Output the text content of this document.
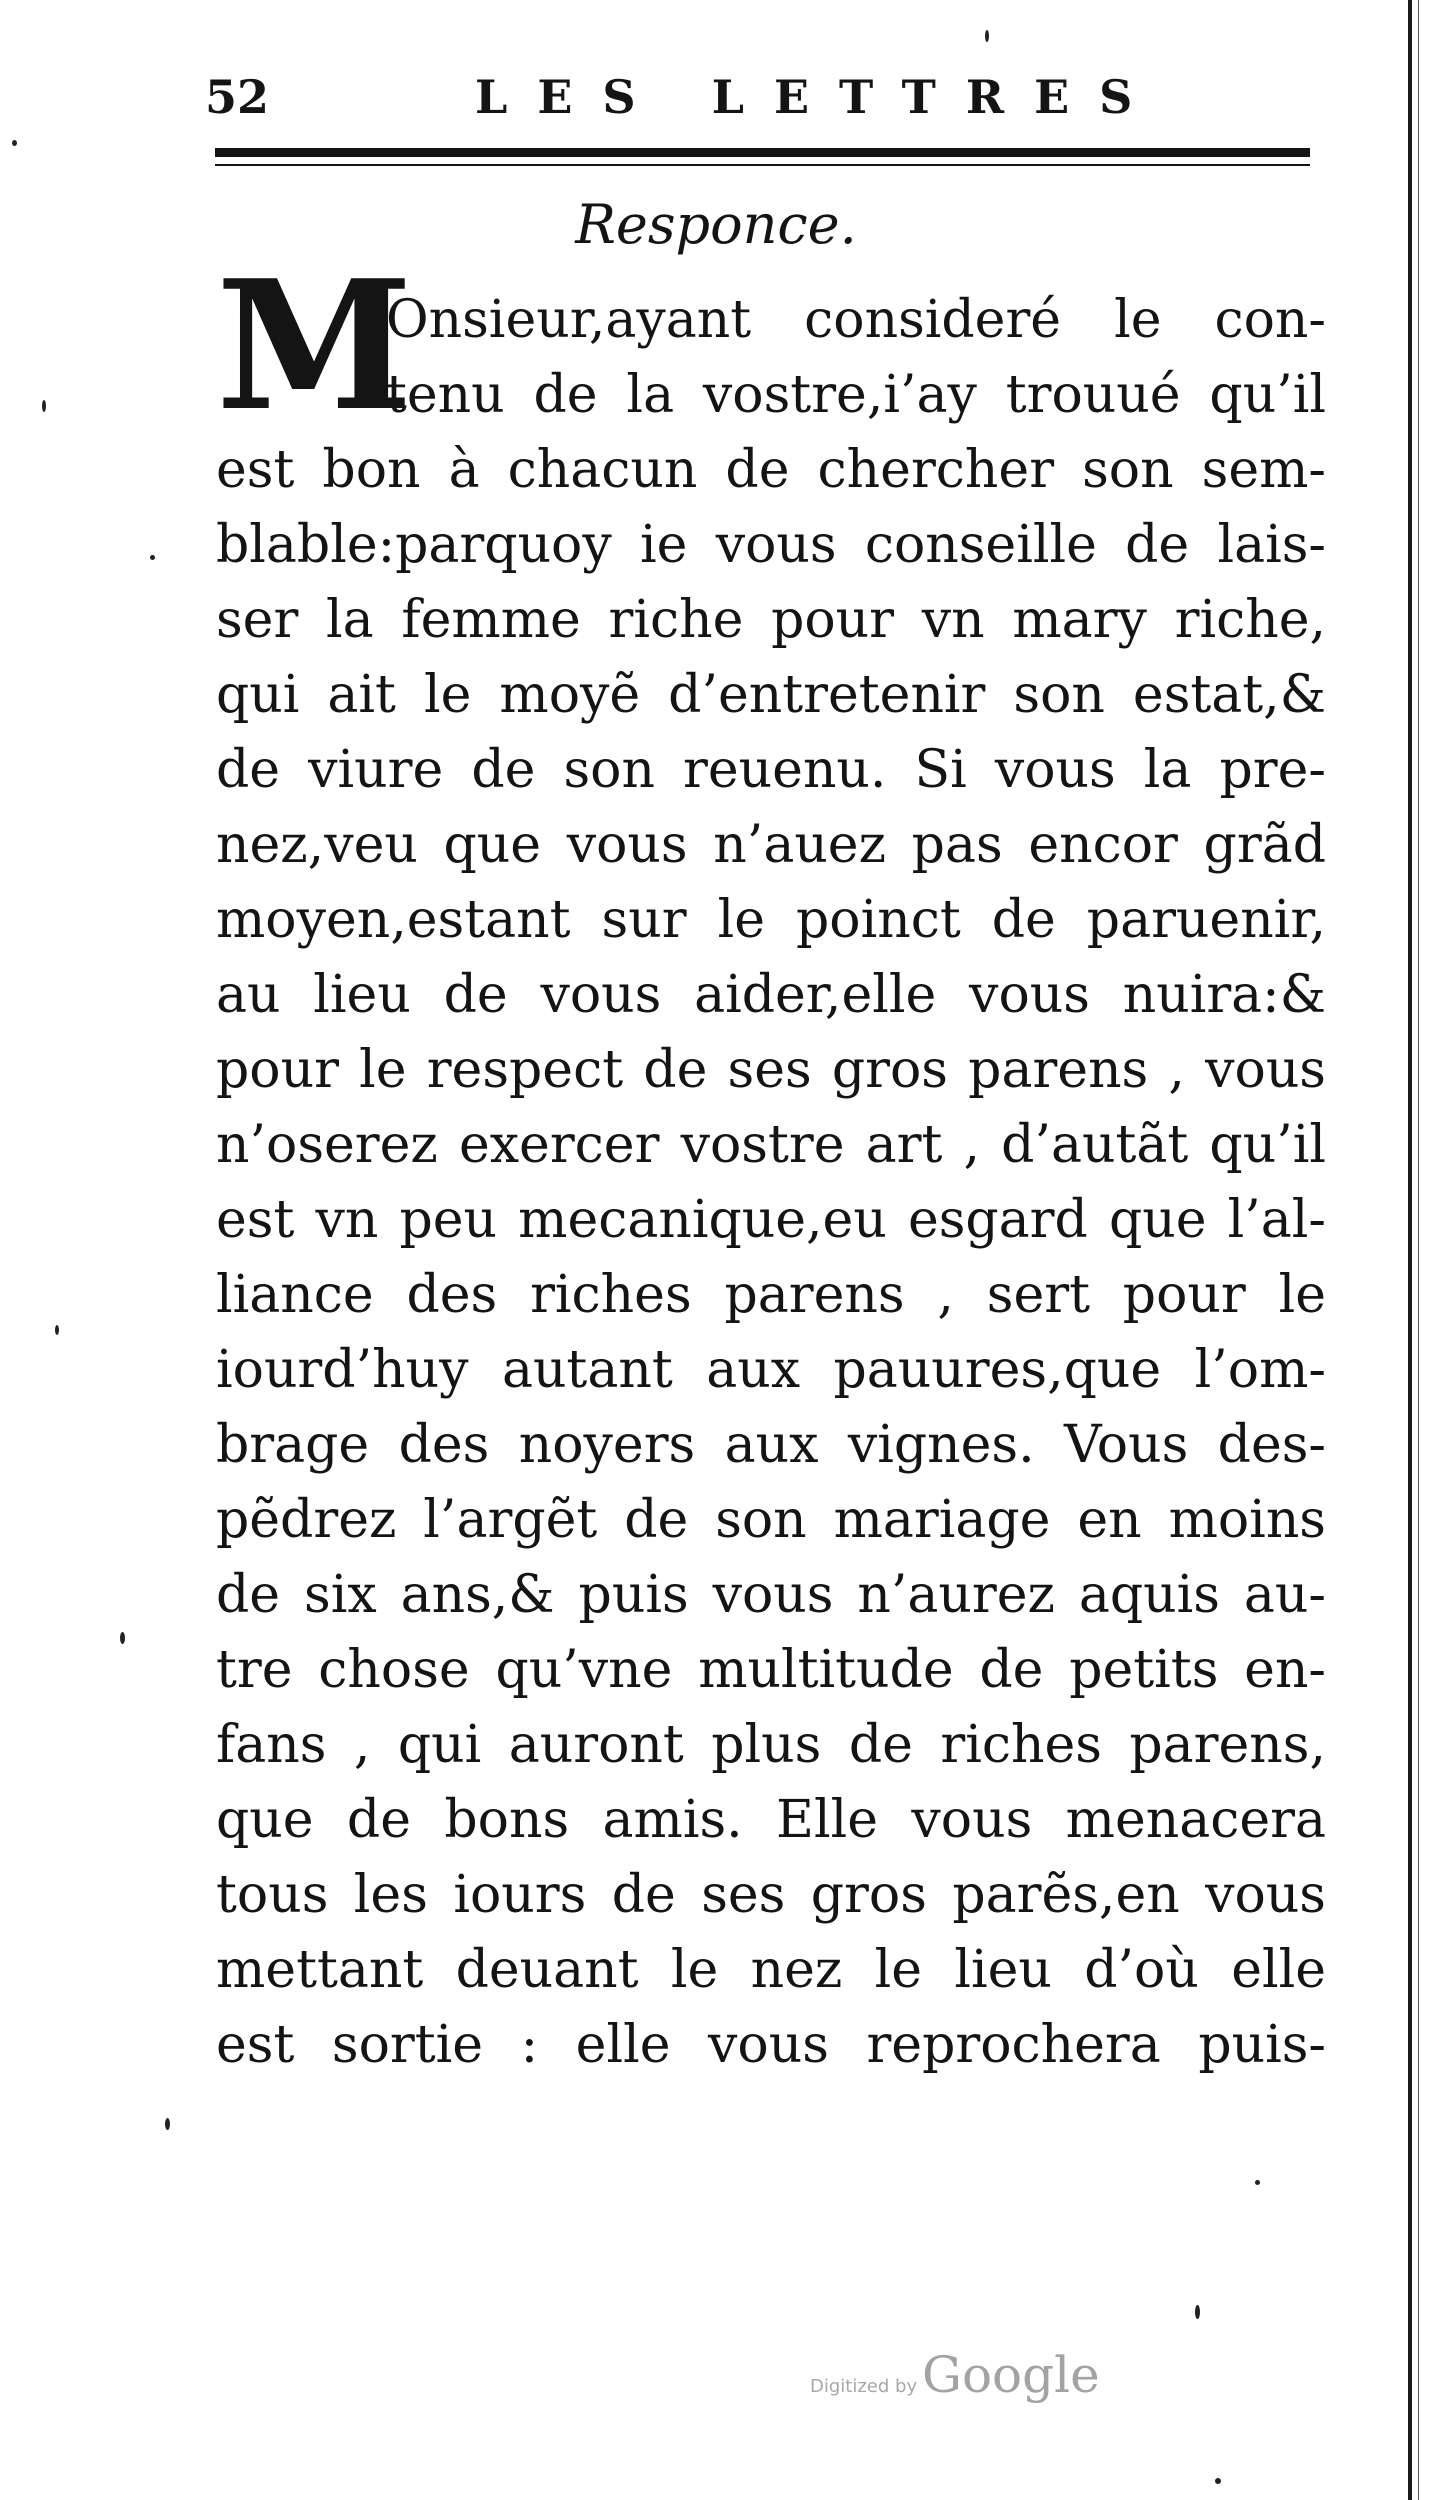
52	LES LETTRES
Responce.
M
Onsieur,ayant consideré le con-
tenu de la vostre,i’ay trouué qu’il
est bon à chacun de chercher son sem-
blable:parquoy ie vous conseille de lais-
ser la femme riche pour vn mary riche,
qui ait le moyẽ d’entretenir son estat,&
de viure de son reuenu. Si vous la pre-
nez,veu que vous n’auez pas encor grãd
moyen,estant sur le poinct de paruenir,
au lieu de vous aider,elle vous nuira:&
pour le respect de ses gros parens , vous
n’oserez exercer vostre art , d’autãt qu’il
est vn peu mecanique,eu esgard que l’al-
liance des riches parens , sert pour le
iourd’huy autant aux pauures,que l’om-
brage des noyers aux vignes. Vous des-
pẽdrez l’argẽt de son mariage en moins
de six ans,& puis vous n’aurez aquis au-
tre chose qu’vne multitude de petits en-
fans , qui auront plus de riches parens,
que de bons amis. Elle vous menacera
tous les iours de ses gros parẽs,en vous
mettant deuant le nez le lieu d’où elle
est sortie : elle vous reprochera puis-
Digitized by Google
